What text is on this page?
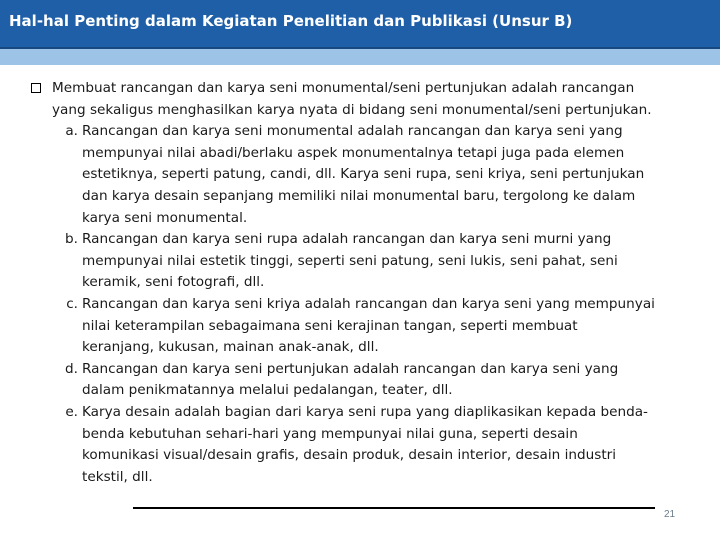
Hal-hal Penting dalam Kegiatan Penelitian dan Publikasi (Unsur B)
Membuat rancangan dan karya seni monumental/seni pertunjukan adalah rancangan
yang sekaligus menghasilkan karya nyata di bidang seni monumental/seni pertunjukan.
a. Rancangan dan karya seni monumental adalah rancangan dan karya seni yang
mempunyai nilai abadi/berlaku aspek monumentalnya tetapi juga pada elemen
estetiknya, seperti patung, candi, dll. Karya seni rupa, seni kriya, seni pertunjukan
dan karya desain sepanjang memiliki nilai monumental baru, tergolong ke dalam
karya seni monumental.
b. Rancangan dan karya seni rupa adalah rancangan dan karya seni murni yang
mempunyai nilai estetik tinggi, seperti seni patung, seni lukis, seni pahat, seni
keramik, seni fotografi, dll.
c. Rancangan dan karya seni kriya adalah rancangan dan karya seni yang mempunyai
nilai keterampilan sebagaimana seni kerajinan tangan, seperti membuat
keranjang, kukusan, mainan anak-anak, dll.
d. Rancangan dan karya seni pertunjukan adalah rancangan dan karya seni yang
dalam penikmatannya melalui pedalangan, teater, dll.
e. Karya desain adalah bagian dari karya seni rupa yang diaplikasikan kepada benda-
benda kebutuhan sehari-hari yang mempunyai nilai guna, seperti desain
komunikasi visual/desain grafis, desain produk, desain interior, desain industri
tekstil, dll.
21
